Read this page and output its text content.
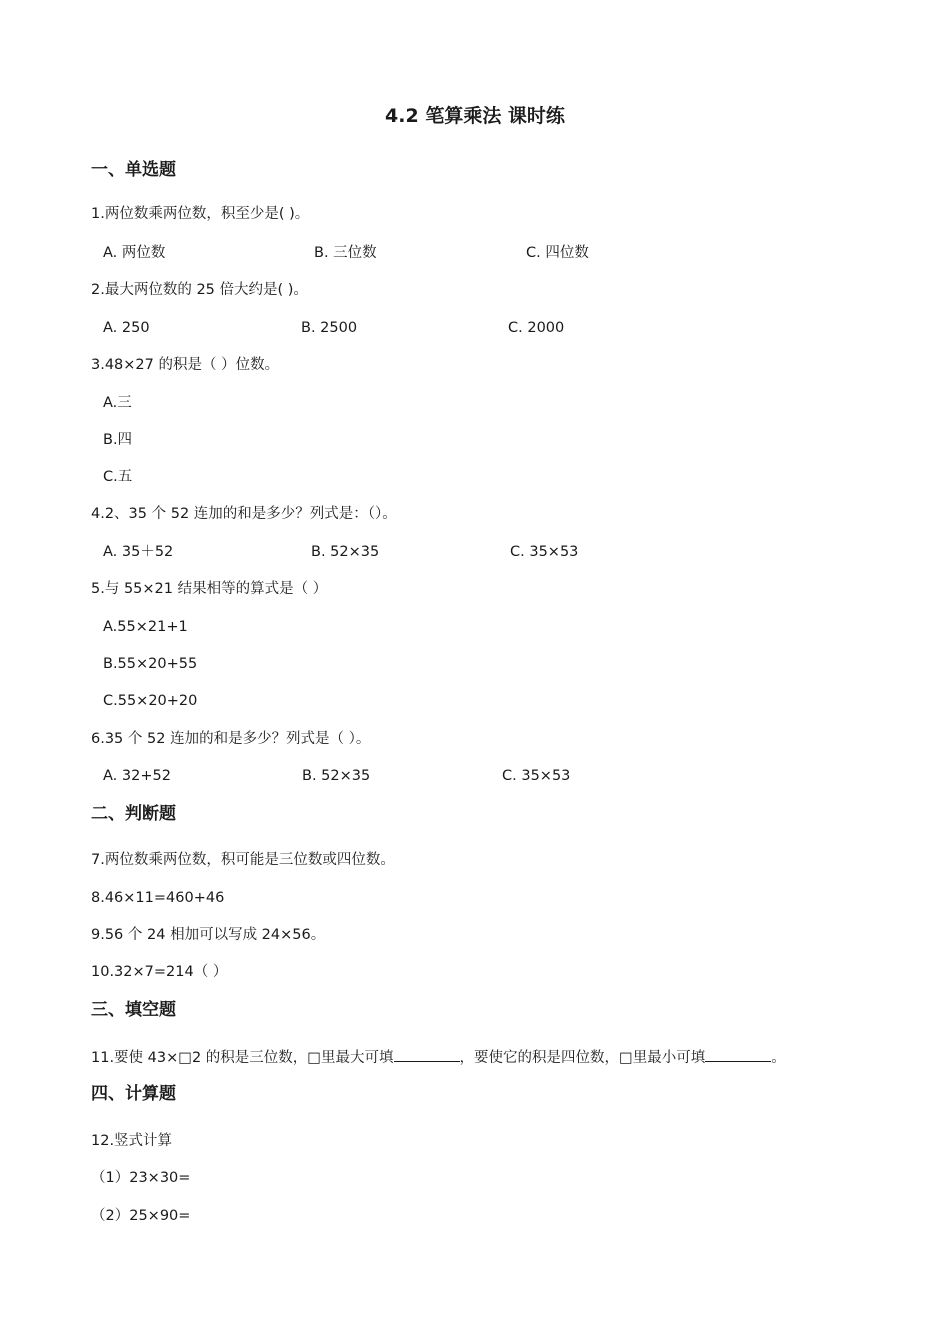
4.2 笔算乘法 课时练
一、单选题
1.两位数乘两位数，积至少是( )。
A. 两位数	B. 三位数	C. 四位数
2.最大两位数的 25 倍大约是( )。
A. 250	B. 2500	C. 2000
3.48×27 的积是（ ）位数。
A.三
B.四
C.五
4.2、35 个 52 连加的和是多少？列式是：（）。
A. 35＋52	B. 52×35	C. 35×53
5.与 55×21 结果相等的算式是（ ）
A.55×21+1
B.55×20+55
C.55×20+20
6.35 个 52 连加的和是多少？列式是（ ）。
A. 32+52	B. 52×35	C. 35×53
二、判断题
7.两位数乘两位数，积可能是三位数或四位数。
8.46×11=460+46
9.56 个 24 相加可以写成 24×56。
10.32×7=214（ ）
三、填空题
11.要使 43×□2 的积是三位数，□里最大可填	，要使它的积是四位数，□里最小可填	。
四、计算题
12.竖式计算
（1）23×30=
（2）25×90=
